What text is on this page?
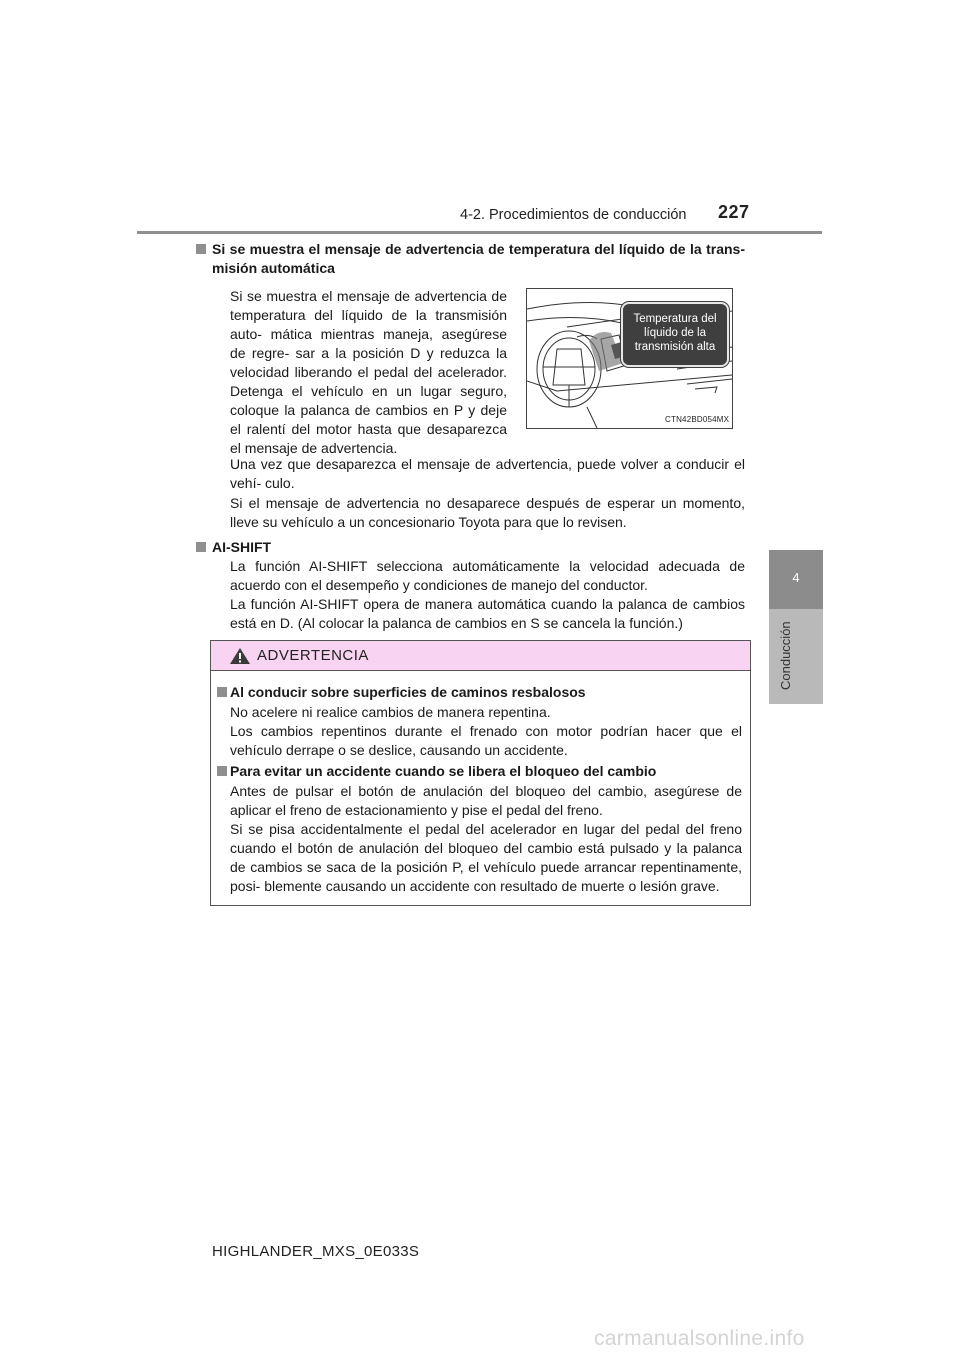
4-2. Procedimientos de conducción 227
4
Conducción
Si se muestra el mensaje de advertencia de temperatura del líquido de la trans- misión automática

Si se muestra el mensaje de advertencia de temperatura del líquido de la transmisión auto- mática mientras maneja, asegúrese de regre- sar a la posición D y reduzca la velocidad liberando el pedal del acelerador. Detenga el vehículo en un lugar seguro, coloque la palanca de cambios en P y deje el ralentí del motor hasta que desaparezca el mensaje de advertencia.

Temperatura del
líquido de la
transmisión alta
CTN42BD054MX

Una vez que desaparezca el mensaje de advertencia, puede volver a conducir el vehí- culo.

Si el mensaje de advertencia no desaparece después de esperar un momento, lleve su vehículo a un concesionario Toyota para que lo revisen.

AI-SHIFT

La función AI-SHIFT selecciona automáticamente la velocidad adecuada de acuerdo con el desempeño y condiciones de manejo del conductor.

La función AI-SHIFT opera de manera automática cuando la palanca de cambios está en D. (Al colocar la palanca de cambios en S se cancela la función.)

ADVERTENCIA
Al conducir sobre superficies de caminos resbalosos

No acelere ni realice cambios de manera repentina.

Los cambios repentinos durante el frenado con motor podrían hacer que el vehículo derrape o se deslice, causando un accidente.

Para evitar un accidente cuando se libera el bloqueo del cambio

Antes de pulsar el botón de anulación del bloqueo del cambio, asegúrese de aplicar el freno de estacionamiento y pise el pedal del freno.

Si se pisa accidentalmente el pedal del acelerador en lugar del pedal del freno cuando el botón de anulación del bloqueo del cambio está pulsado y la palanca de cambios se saca de la posición P, el vehículo puede arrancar repentinamente, posi- blemente causando un accidente con resultado de muerte o lesión grave.

HIGHLANDER_MXS_0E033S
carmanualsonline.info
